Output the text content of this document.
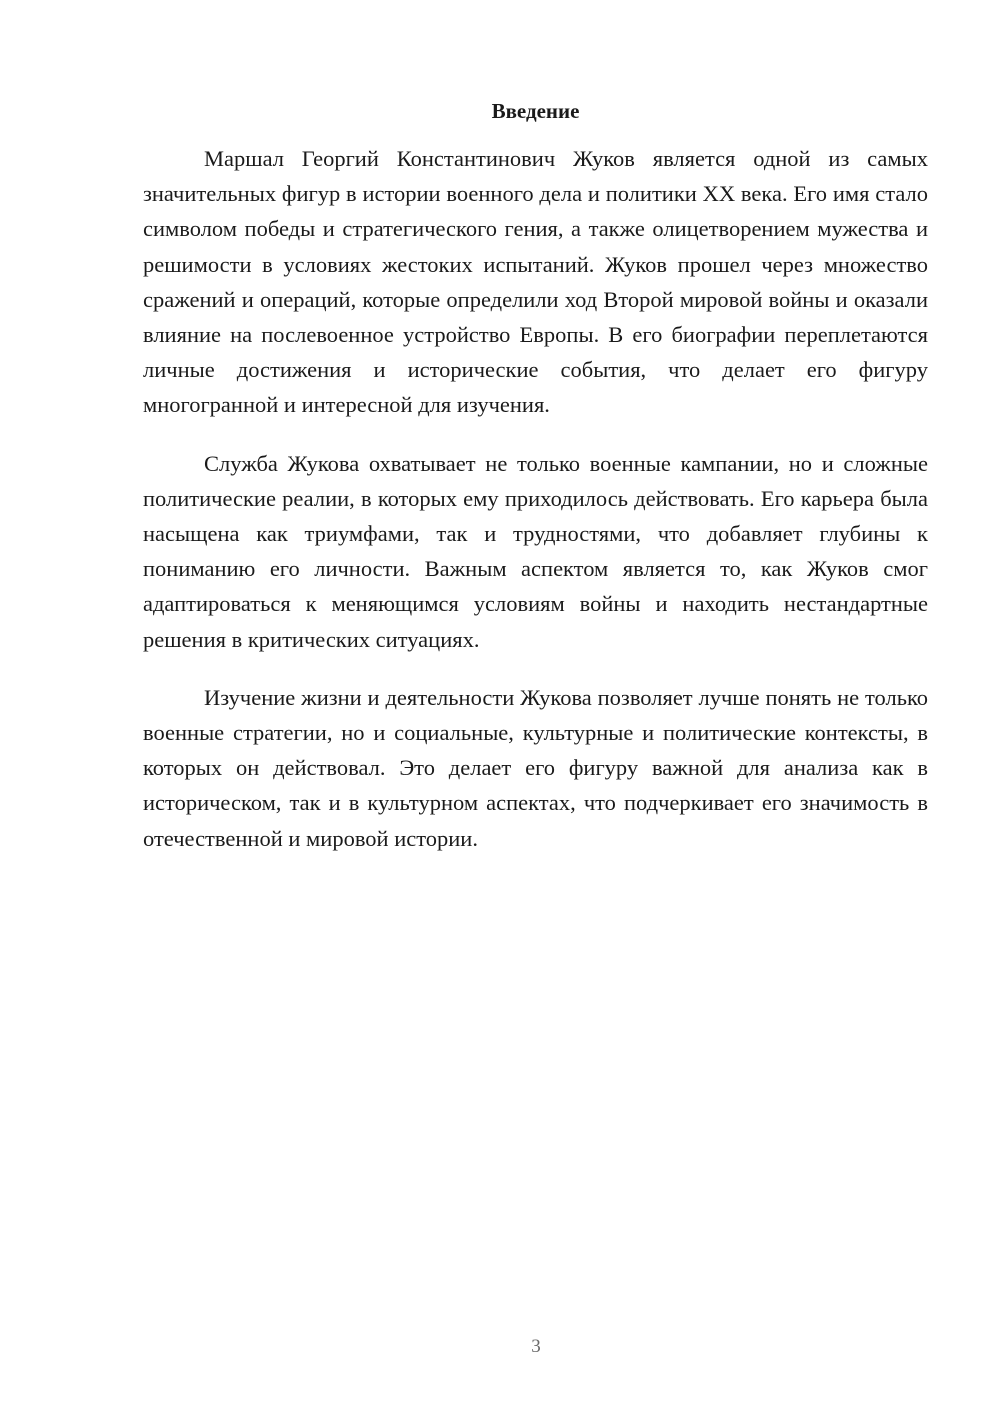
Введение

Маршал Георгий Константинович Жуков является одной из самых значительных фигур в истории военного дела и политики XX века. Его имя стало символом победы и стратегического гения, а также олицетворением мужества и решимости в условиях жестоких испытаний. Жуков прошел через множество сражений и операций, которые определили ход Второй мировой войны и оказали влияние на послевоенное устройство Европы. В его биографии переплетаются личные достижения и исторические события, что делает его фигуру многогранной и интересной для изучения.

Служба Жукова охватывает не только военные кампании, но и сложные политические реалии, в которых ему приходилось действовать. Его карьера была насыщена как триумфами, так и трудностями, что добавляет глубины к пониманию его личности. Важным аспектом является то, как Жуков смог адаптироваться к меняющимся условиям войны и находить нестандартные решения в критических ситуациях.

Изучение жизни и деятельности Жукова позволяет лучше понять не только военные стратегии, но и социальные, культурные и политические контексты, в которых он действовал. Это делает его фигуру важной для анализа как в историческом, так и в культурном аспектах, что подчеркивает его значимость в отечественной и мировой истории.

3
